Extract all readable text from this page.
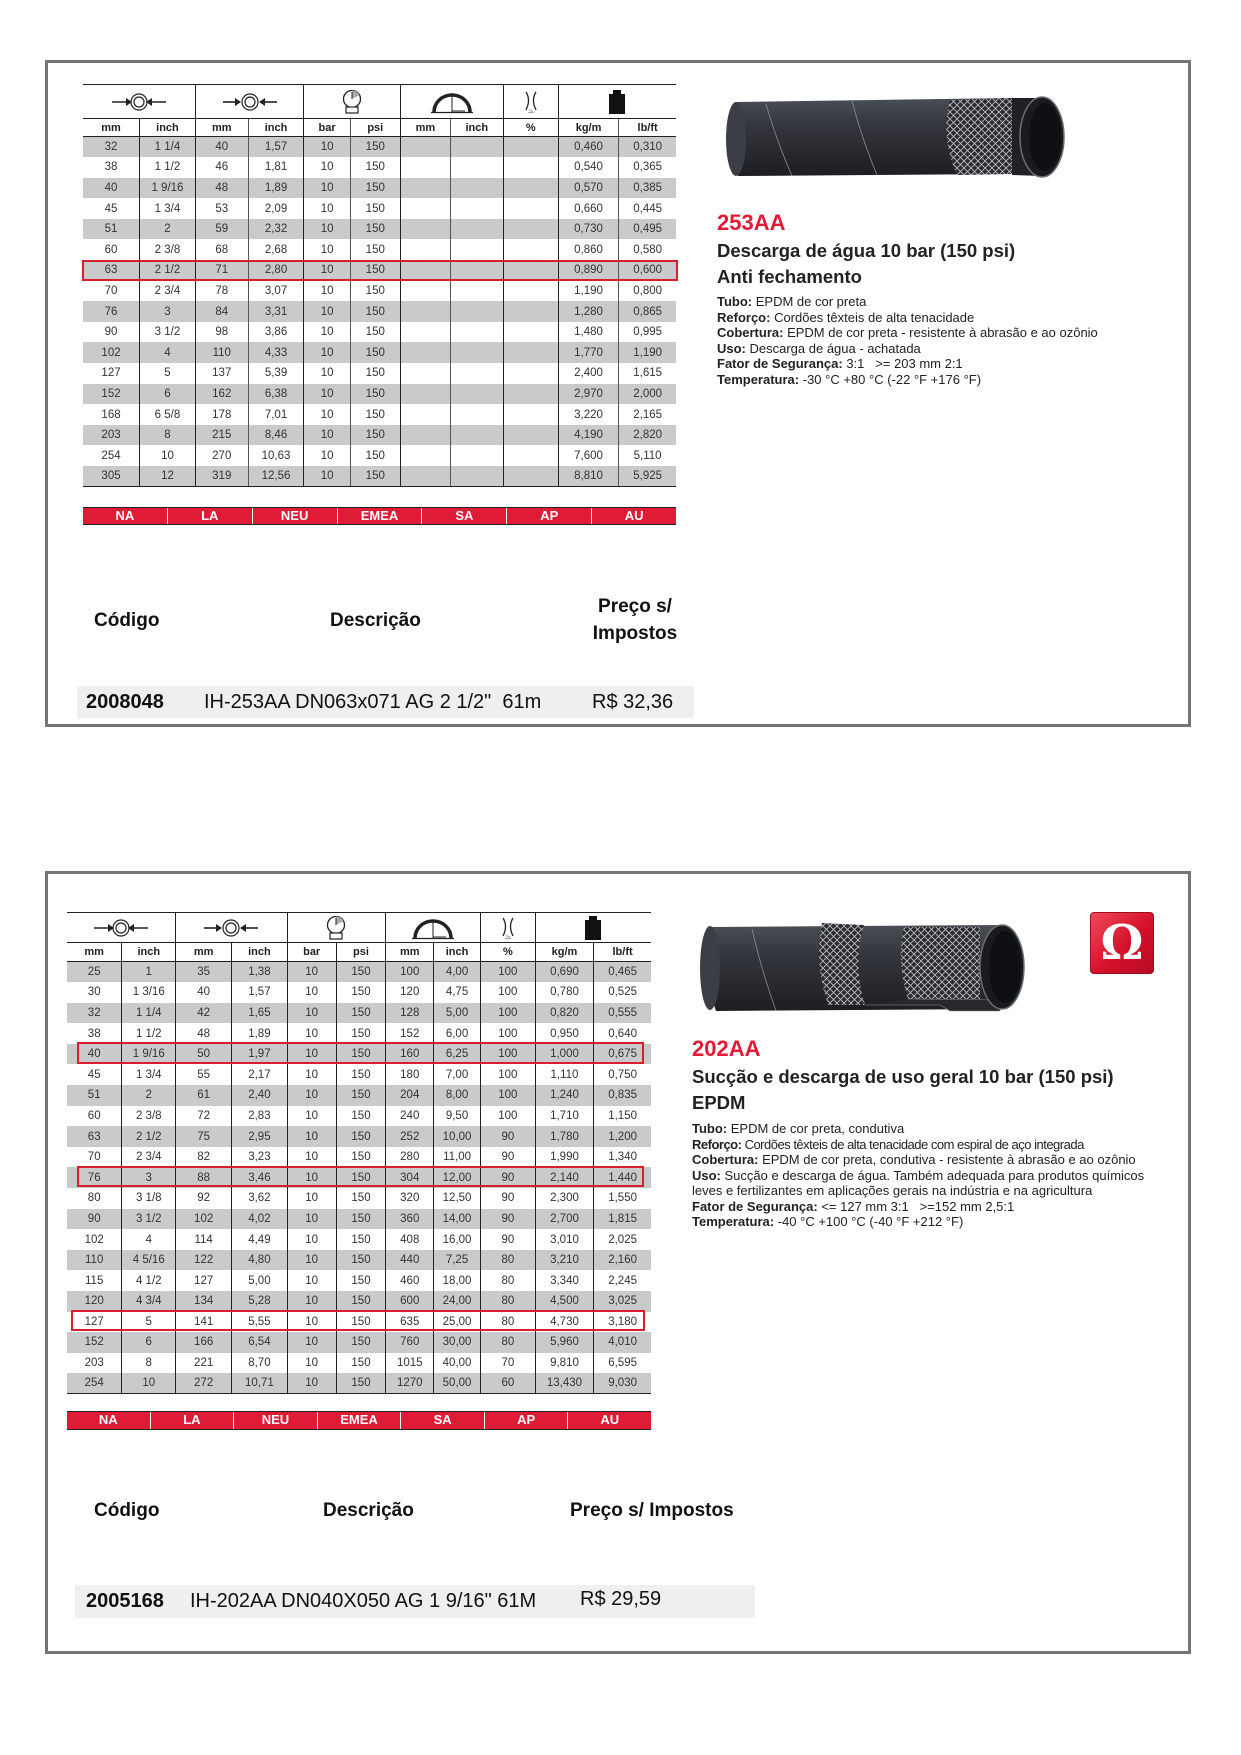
mm	inch	mm	inch	bar	psi	mm	inch	%	kg/m	lb/ft
32	1 1/4	40	1,57	10	150				0,460	0,310
38	1 1/2	46	1,81	10	150				0,540	0,365
40	1 9/16	48	1,89	10	150				0,570	0,385
45	1 3/4	53	2,09	10	150				0,660	0,445
51	2	59	2,32	10	150				0,730	0,495
60	2 3/8	68	2,68	10	150				0,860	0,580
63	2 1/2	71	2,80	10	150				0,890	0,600
70	2 3/4	78	3,07	10	150				1,190	0,800
76	3	84	3,31	10	150				1,280	0,865
90	3 1/2	98	3,86	10	150				1,480	0,995
102	4	110	4,33	10	150				1,770	1,190
127	5	137	5,39	10	150				2,400	1,615
152	6	162	6,38	10	150				2,970	2,000
168	6 5/8	178	7,01	10	150				3,220	2,165
203	8	215	8,46	10	150				4,190	2,820
254	10	270	10,63	10	150				7,600	5,110
305	12	319	12,56	10	150				8,810	5,925
NA	LA	NEU	EMEA	SA	AP	AU
253AA
Descarga de água 10 bar (150 psi)
Anti fechamento
Tubo: EPDM de cor preta
Reforço: Cordões têxteis de alta tenacidade
Cobertura: EPDM de cor preta - resistente à abrasão e ao ozônio
Uso: Descarga de água - achatada
Fator de Segurança: 3:1   >= 203 mm 2:1
Temperatura: -30 °C +80 °C (-22 °F +176 °F)
Código	Descrição
Preço s/
Impostos
2008048 IH-253AA DN063x071 AG 2 1/2"  61m	R$ 32,36

mm	inch	mm	inch	bar	psi	mm	inch	%	kg/m	lb/ft
25	1	35	1,38	10	150	100	4,00	100	0,690	0,465
30	1 3/16	40	1,57	10	150	120	4,75	100	0,780	0,525
32	1 1/4	42	1,65	10	150	128	5,00	100	0,820	0,555
38	1 1/2	48	1,89	10	150	152	6,00	100	0,950	0,640
40	1 9/16	50	1,97	10	150	160	6,25	100	1,000	0,675
45	1 3/4	55	2,17	10	150	180	7,00	100	1,110	0,750
51	2	61	2,40	10	150	204	8,00	100	1,240	0,835
60	2 3/8	72	2,83	10	150	240	9,50	100	1,710	1,150
63	2 1/2	75	2,95	10	150	252	10,00	90	1,780	1,200
70	2 3/4	82	3,23	10	150	280	11,00	90	1,990	1,340
76	3	88	3,46	10	150	304	12,00	90	2,140	1,440
80	3 1/8	92	3,62	10	150	320	12,50	90	2,300	1,550
90	3 1/2	102	4,02	10	150	360	14,00	90	2,700	1,815
102	4	114	4,49	10	150	408	16,00	90	3,010	2,025
110	4 5/16	122	4,80	10	150	440	7,25	80	3,210	2,160
115	4 1/2	127	5,00	10	150	460	18,00	80	3,340	2,245
120	4 3/4	134	5,28	10	150	600	24,00	80	4,500	3,025
127	5	141	5,55	10	150	635	25,00	80	4,730	3,180
152	6	166	6,54	10	150	760	30,00	80	5,960	4,010
203	8	221	8,70	10	150	1015	40,00	70	9,810	6,595
254	10	272	10,71	10	150	1270	50,00	60	13,430	9,030
NA	LA	NEU	EMEA	SA	AP	AU
Ω
202AA
Sucção e descarga de uso geral 10 bar (150 psi)
EPDM
Tubo: EPDM de cor preta, condutiva
Reforço: Cordões têxteis de alta tenacidade com espiral de aço integrada
Cobertura: EPDM de cor preta, condutiva - resistente à abrasão e ao ozônio
Uso: Sucção e descarga de água. Também adequada para produtos químicos leves e fertilizantes em aplicações gerais na indústria e na agricultura
Fator de Segurança: <= 127 mm 3:1   >=152 mm 2,5:1
Temperatura: -40 °C +100 °C (-40 °F +212 °F)
Código	Descrição	Preço s/ Impostos
2005168 IH-202AA DN040X050 AG 1 9/16" 61M R$ 29,59
